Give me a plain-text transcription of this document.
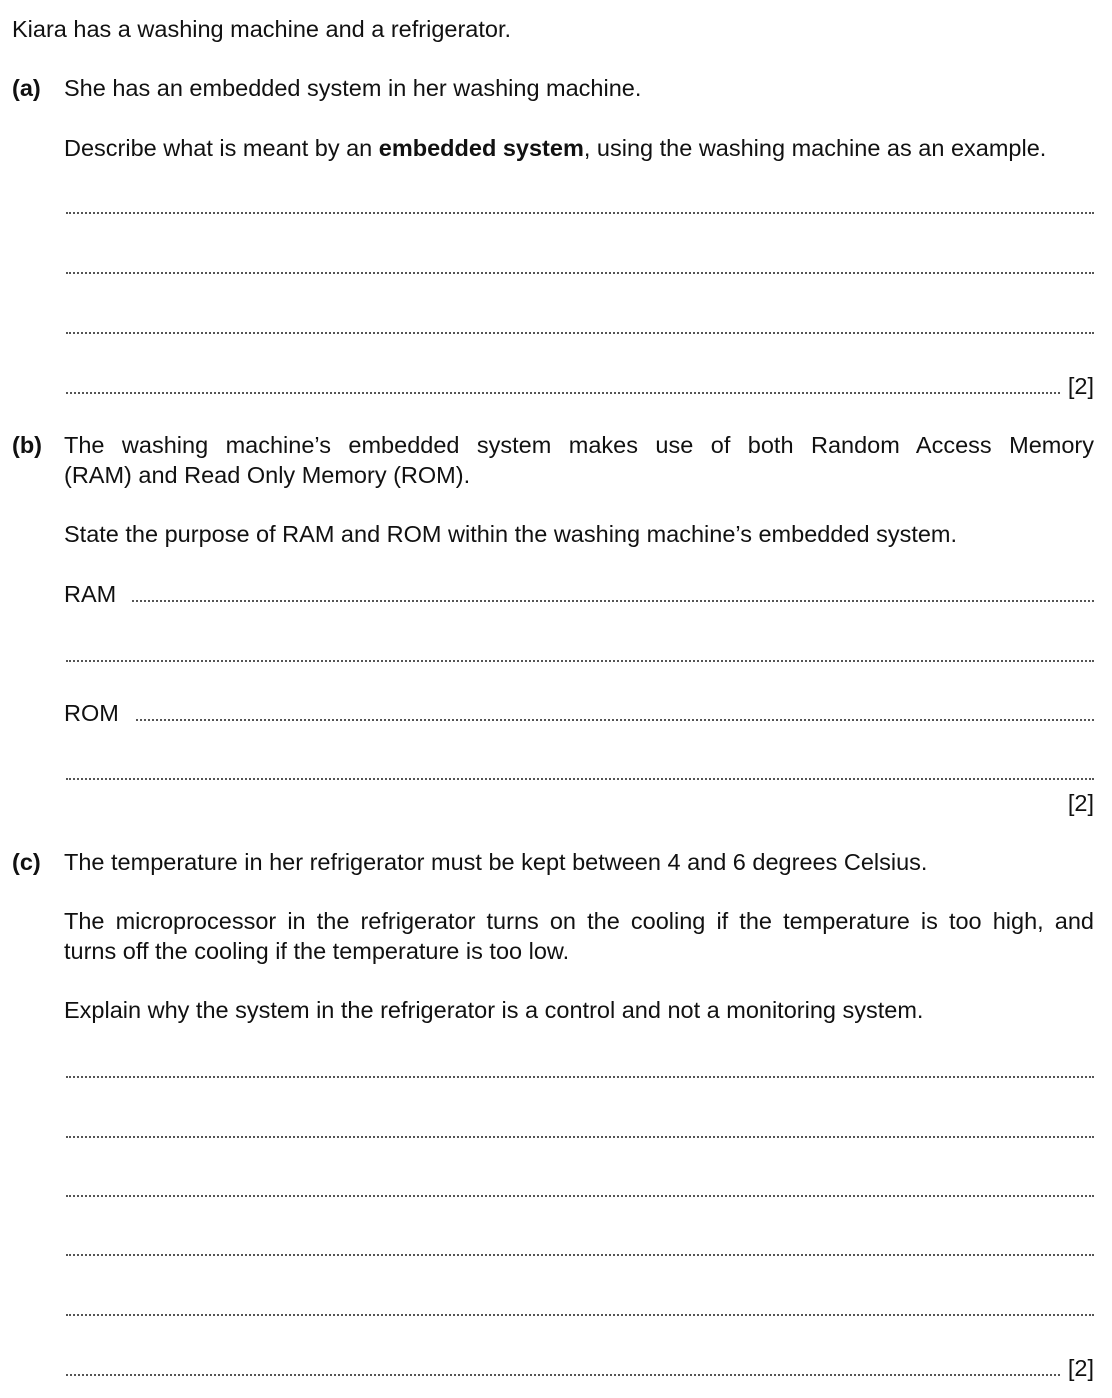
Kiara has a washing machine and a refrigerator.
(a) She has an embedded system in her washing machine.
Describe what is meant by an embedded system, using the washing machine as an example.
[2]
(b) The washing machine’s embedded system makes use of both Random Access Memory
(RAM) and Read Only Memory (ROM).
State the purpose of RAM and ROM within the washing machine’s embedded system.
RAM
ROM
[2]
(c) The temperature in her refrigerator must be kept between 4 and 6 degrees Celsius.
The microprocessor in the refrigerator turns on the cooling if the temperature is too high, and
turns off the cooling if the temperature is too low.
Explain why the system in the refrigerator is a control and not a monitoring system.
[2]
